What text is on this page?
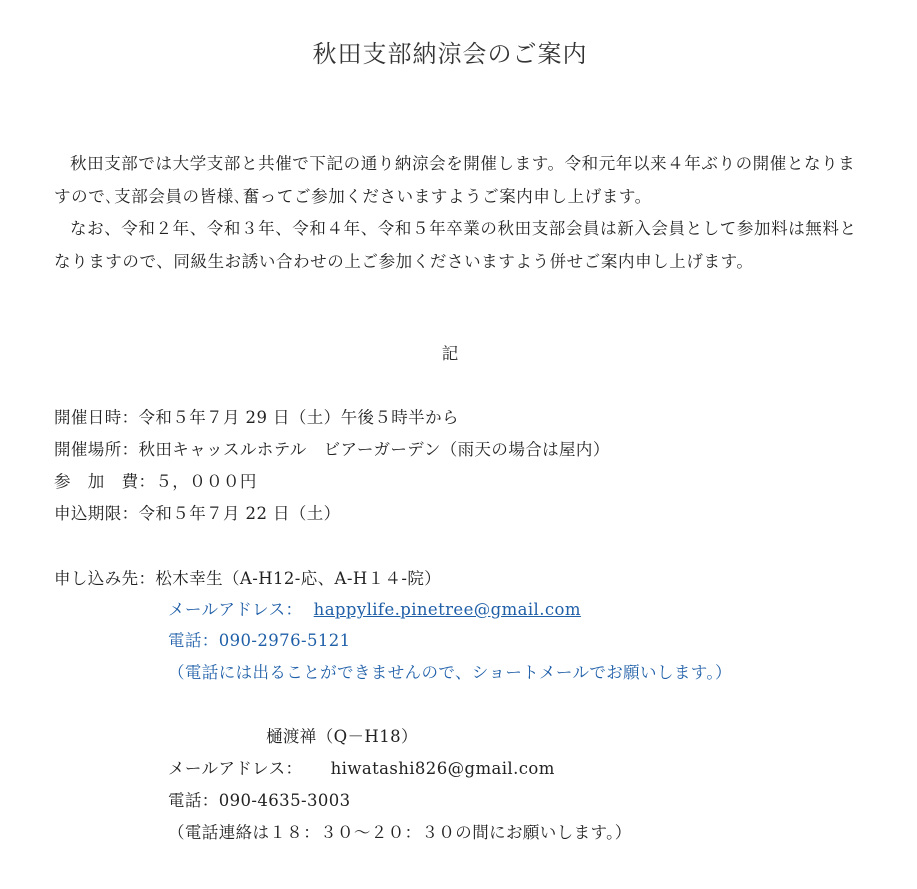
秋田支部納涼会のご案内

秋田支部では大学支部と共催で下記の通り納涼会を開催します。令和元年以来４年ぶりの開催となりますので､支部会員の皆様､奮ってご参加くださいますようご案内申し上げます。

なお、令和２年、令和３年、令和４年、令和５年卒業の秋田支部会員は新入会員として参加料は無料となりますので、同級生お誘い合わせの上ご参加くださいますよう併せご案内申し上げます。

記
開催日時：令和５年７月 29 日（土）午後５時半から
開催場所：秋田キャッスルホテル　ビアーガーデン（雨天の場合は屋内）
参　加　費：５，０００円
申込期限：令和５年７月 22 日（土）
申し込み先：松木幸生（A-H12-応、A-H１４-院）
メールアドレス： happylife.pinetree@gmail.com
電話：090-2976-5121
（電話には出ることができませんので、ショートメールでお願いします。）
樋渡禅（Q－H18）
メールアドレス： hiwatashi826@gmail.com
電話：090-4635-3003
（電話連絡は１８：３０～２０：３０の間にお願いします。）
